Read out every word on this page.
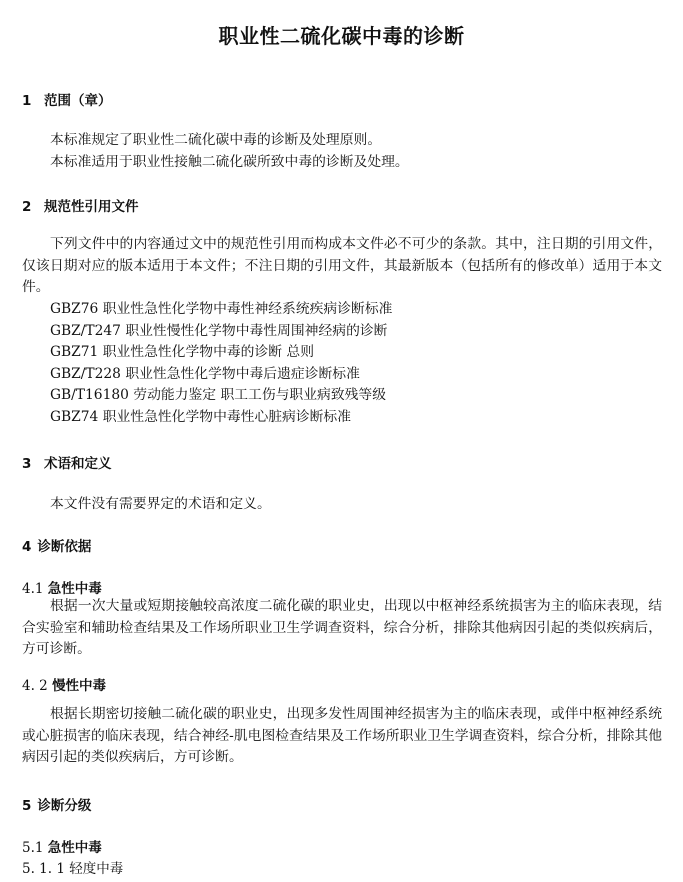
职业性二硫化碳中毒的诊断
1 范围（章）
本标准规定了职业性二硫化碳中毒的诊断及处理原则。
本标准适用于职业性接触二硫化碳所致中毒的诊断及处理。
2 规范性引用文件
下列文件中的内容通过文中的规范性引用而构成本文件必不可少的条款。其中，注日期的引用文件，仅该日期对应的版本适用于本文件；不注日期的引用文件，其最新版本（包括所有的修改单）适用于本文件。
GBZ76 职业性急性化学物中毒性神经系统疾病诊断标准
GBZ/T247 职业性慢性化学物中毒性周围神经病的诊断
GBZ71 职业性急性化学物中毒的诊断 总则
GBZ/T228 职业性急性化学物中毒后遗症诊断标准
GB/T16180 劳动能力鉴定 职工工伤与职业病致残等级
GBZ74 职业性急性化学物中毒性心脏病诊断标准
3 术语和定义
本文件没有需要界定的术语和定义。
4 诊断依据
4.1 急性中毒
根据一次大量或短期接触较高浓度二硫化碳的职业史，出现以中枢神经系统损害为主的临床表现，结合实验室和辅助检查结果及工作场所职业卫生学调查资料，综合分析，排除其他病因引起的类似疾病后，方可诊断。
4. 2 慢性中毒
根据长期密切接触二硫化碳的职业史，出现多发性周围神经损害为主的临床表现，或伴中枢神经系统或心脏损害的临床表现，结合神经-肌电图检查结果及工作场所职业卫生学调查资料，综合分析，排除其他病因引起的类似疾病后，方可诊断。
5 诊断分级
5.1 急性中毒
5. 1. 1 轻度中毒
